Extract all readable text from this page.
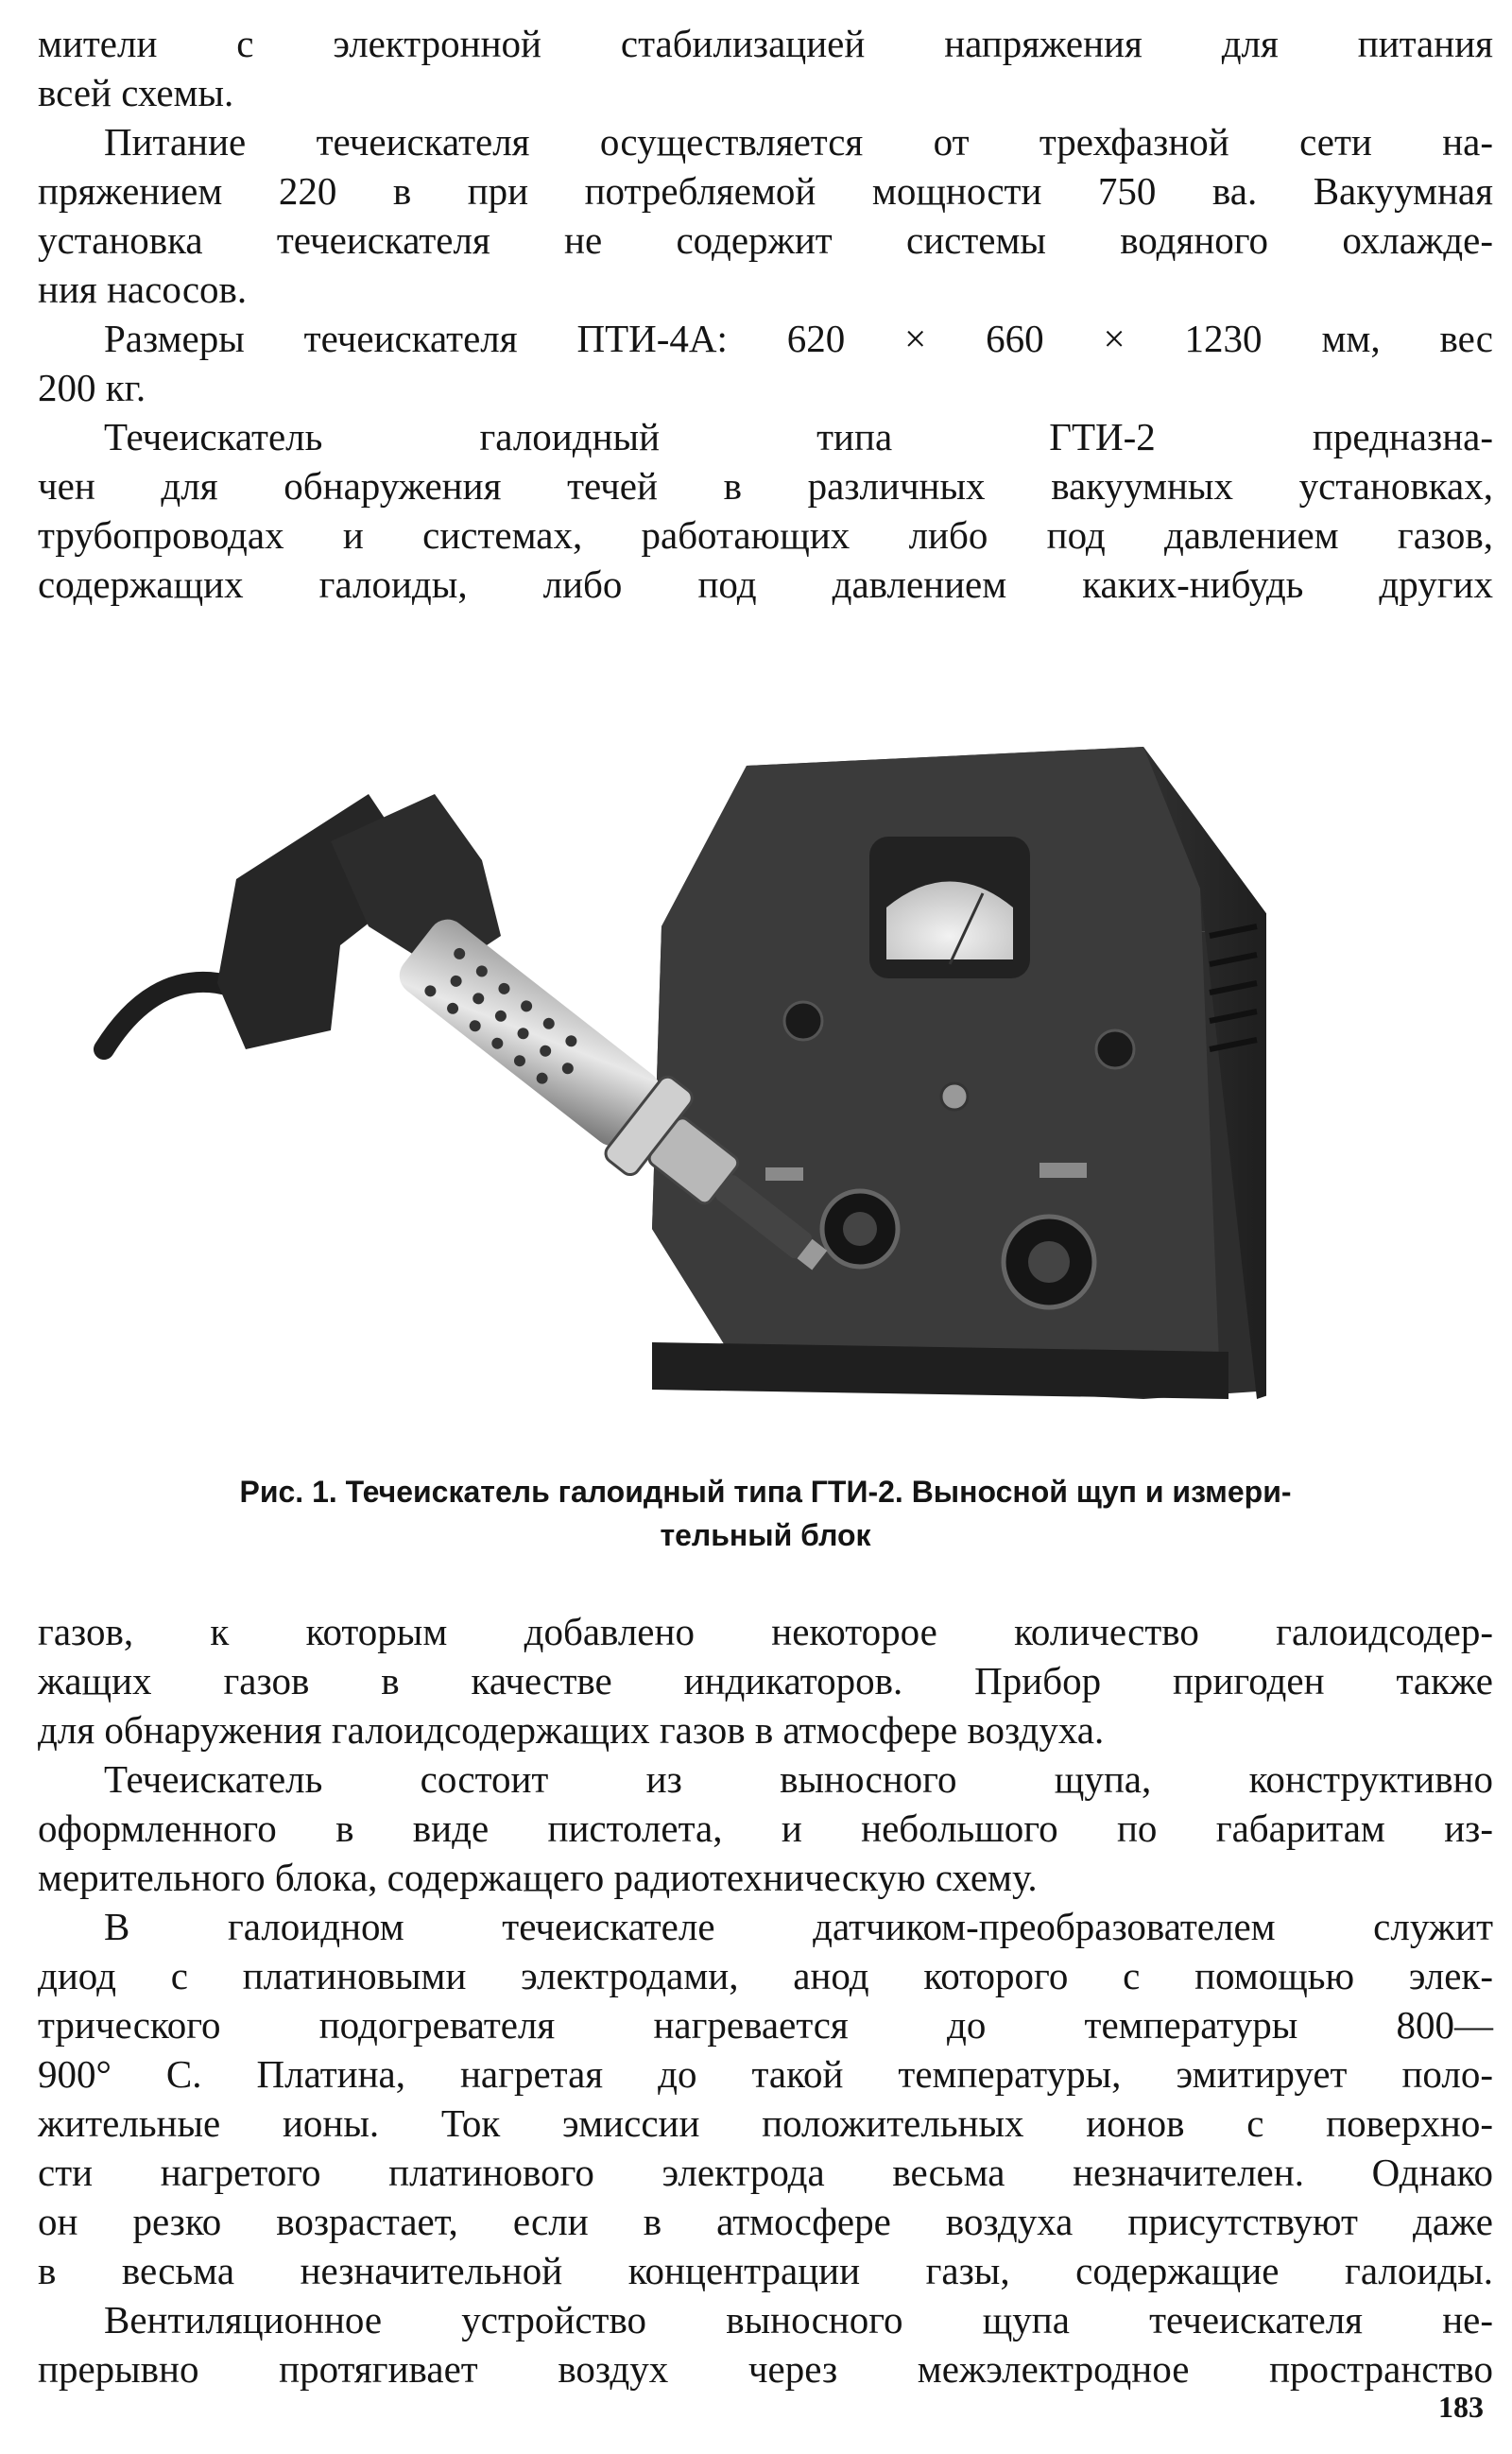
мители с электронной стабилизацией напряжения для питания
всей схемы.

Питание течеискателя осуществляется от трехфазной сети на-
пряжением 220 в при потребляемой мощности 750 ва. Вакуумная
установка течеискателя не содержит системы водяного охлажде-
ния насосов.

Размеры течеискателя ПТИ-4А: 620 × 660 × 1230 мм, вес
200 кг.

Течеискатель галоидный типа ГТИ-2 предназна-
чен для обнаружения течей в различных вакуумных установках,
трубопроводах и системах, работающих либо под давлением газов,
содержащих галоиды, либо под давлением каких-нибудь других

Рис. 1. Течеискатель галоидный типа ГТИ-2. Выносной щуп и измери-
тельный блок

газов, к которым добавлено некоторое количество галоидсодер-
жащих газов в качестве индикаторов. Прибор пригоден также
для обнаружения галоидсодержащих газов в атмосфере воздуха.

Течеискатель состоит из выносного щупа, конструктивно
оформленного в виде пистолета, и небольшого по габаритам из-
мерительного блока, содержащего радиотехническую схему.

В галоидном течеискателе датчиком-преобразователем служит
диод с платиновыми электродами, анод которого с помощью элек-
трического подогревателя нагревается до температуры 800—
900° С. Платина, нагретая до такой температуры, эмитирует поло-
жительные ионы. Ток эмиссии положительных ионов с поверхно-
сти нагретого платинового электрода весьма незначителен. Однако
он резко возрастает, если в атмосфере воздуха присутствуют даже
в весьма незначительной концентрации газы, содержащие галоиды.

Вентиляционное устройство выносного щупа течеискателя не-
прерывно протягивает воздух через межэлектродное пространство

183
